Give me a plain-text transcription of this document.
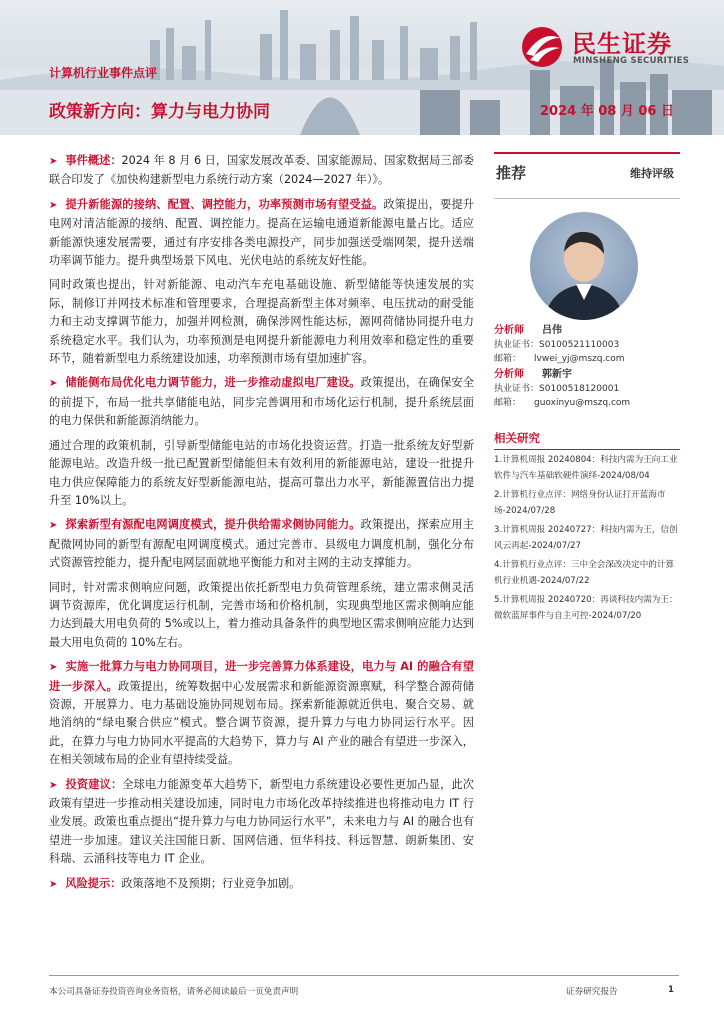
民生证券
MINSHENG SECURITIES
计算机行业事件点评
政策新方向：算力与电力协同	2024 年 08 月 06 日

➤ 事件概述：2024 年 8 月 6 日，国家发展改革委、国家能源局、国家数据局三部委联合印发了《加快构建新型电力系统行动方案（2024—2027 年）》。

➤ 提升新能源的接纳、配置、调控能力，功率预测市场有望受益。政策提出，要提升电网对清洁能源的接纳、配置、调控能力。提高在运输电通道新能源电量占比。适应新能源快速发展需要，通过有序安排各类电源投产，同步加强送受端网架，提升送端功率调节能力。提升典型场景下风电、光伏电站的系统友好性能。

同时政策也提出，针对新能源、电动汽车充电基础设施、新型储能等快速发展的实际，制修订并网技术标准和管理要求，合理提高新型主体对频率、电压扰动的耐受能力和主动支撑调节能力，加强并网检测，确保涉网性能达标，源网荷储协同提升电力系统稳定水平。我们认为，功率预测是电网提升新能源电力利用效率和稳定性的重要环节，随着新型电力系统建设加速，功率预测市场有望加速扩容。

➤ 储能侧布局优化电力调节能力，进一步推动虚拟电厂建设。政策提出，在确保安全的前提下，布局一批共享储能电站，同步完善调用和市场化运行机制，提升系统层面的电力保供和新能源消纳能力。

通过合理的政策机制，引导新型储能电站的市场化投资运营。打造一批系统友好型新能源电站。改造升级一批已配置新型储能但未有效利用的新能源电站，建设一批提升电力供应保障能力的系统友好型新能源电站，提高可靠出力水平，新能源置信出力提升至 10%以上。

➤ 探索新型有源配电网调度模式，提升供给需求侧协同能力。政策提出，探索应用主配微网协同的新型有源配电网调度模式。通过完善市、县级电力调度机制，强化分布式资源管控能力，提升配电网层面就地平衡能力和对主网的主动支撑能力。

同时，针对需求侧响应问题，政策提出依托新型电力负荷管理系统，建立需求侧灵活调节资源库，优化调度运行机制，完善市场和价格机制，实现典型地区需求侧响应能力达到最大用电负荷的 5%或以上，着力推动具备条件的典型地区需求侧响应能力达到最大用电负荷的 10%左右。

➤ 实施一批算力与电力协同项目，进一步完善算力体系建设，电力与 AI 的融合有望进一步深入。政策提出，统筹数据中心发展需求和新能源资源禀赋，科学整合源荷储资源，开展算力、电力基础设施协同规划布局。探索新能源就近供电、聚合交易、就地消纳的“绿电聚合供应”模式。整合调节资源，提升算力与电力协同运行水平。因此，在算力与电力协同水平提高的大趋势下，算力与 AI 产业的融合有望进一步深入，在相关领域布局的企业有望持续受益。

➤ 投资建议：全球电力能源变革大趋势下，新型电力系统建设必要性更加凸显，此次政策有望进一步推动相关建设加速，同时电力市场化改革持续推进也将推动电力 IT 行业发展。政策也重点提出“提升算力与电力协同运行水平”，未来电力与 AI 的融合也有望进一步加速。建议关注国能日新、国网信通、恒华科技、科远智慧、朗新集团、安科瑞、云涌科技等电力 IT 企业。

➤ 风险提示：政策落地不及预期；行业竞争加剧。

推荐	维持评级
分析师 吕伟
执业证书：S0100521110003
邮箱： lvwei_yj@mszq.com
分析师 郭新宇
执业证书：S0100518120001
邮箱： guoxinyu@mszq.com
相关研究
1.计算机周报 20240804：科技内需为王向工业软件与汽车基础软硬件演绎-2024/08/04
2.计算机行业点评：网络身份认证打开蓝海市场-2024/07/28
3.计算机周报 20240727：科技内需为王，信创风云再起-2024/07/27
4.计算机行业点评：三中全会深改决定中的计算机行业机遇-2024/07/22
5.计算机周报 20240720：再谈科技内需为王：微软蓝屏事件与自主可控-2024/07/20
本公司具备证券投资咨询业务资格，请务必阅读最后一页免责声明	证券研究报告	1
